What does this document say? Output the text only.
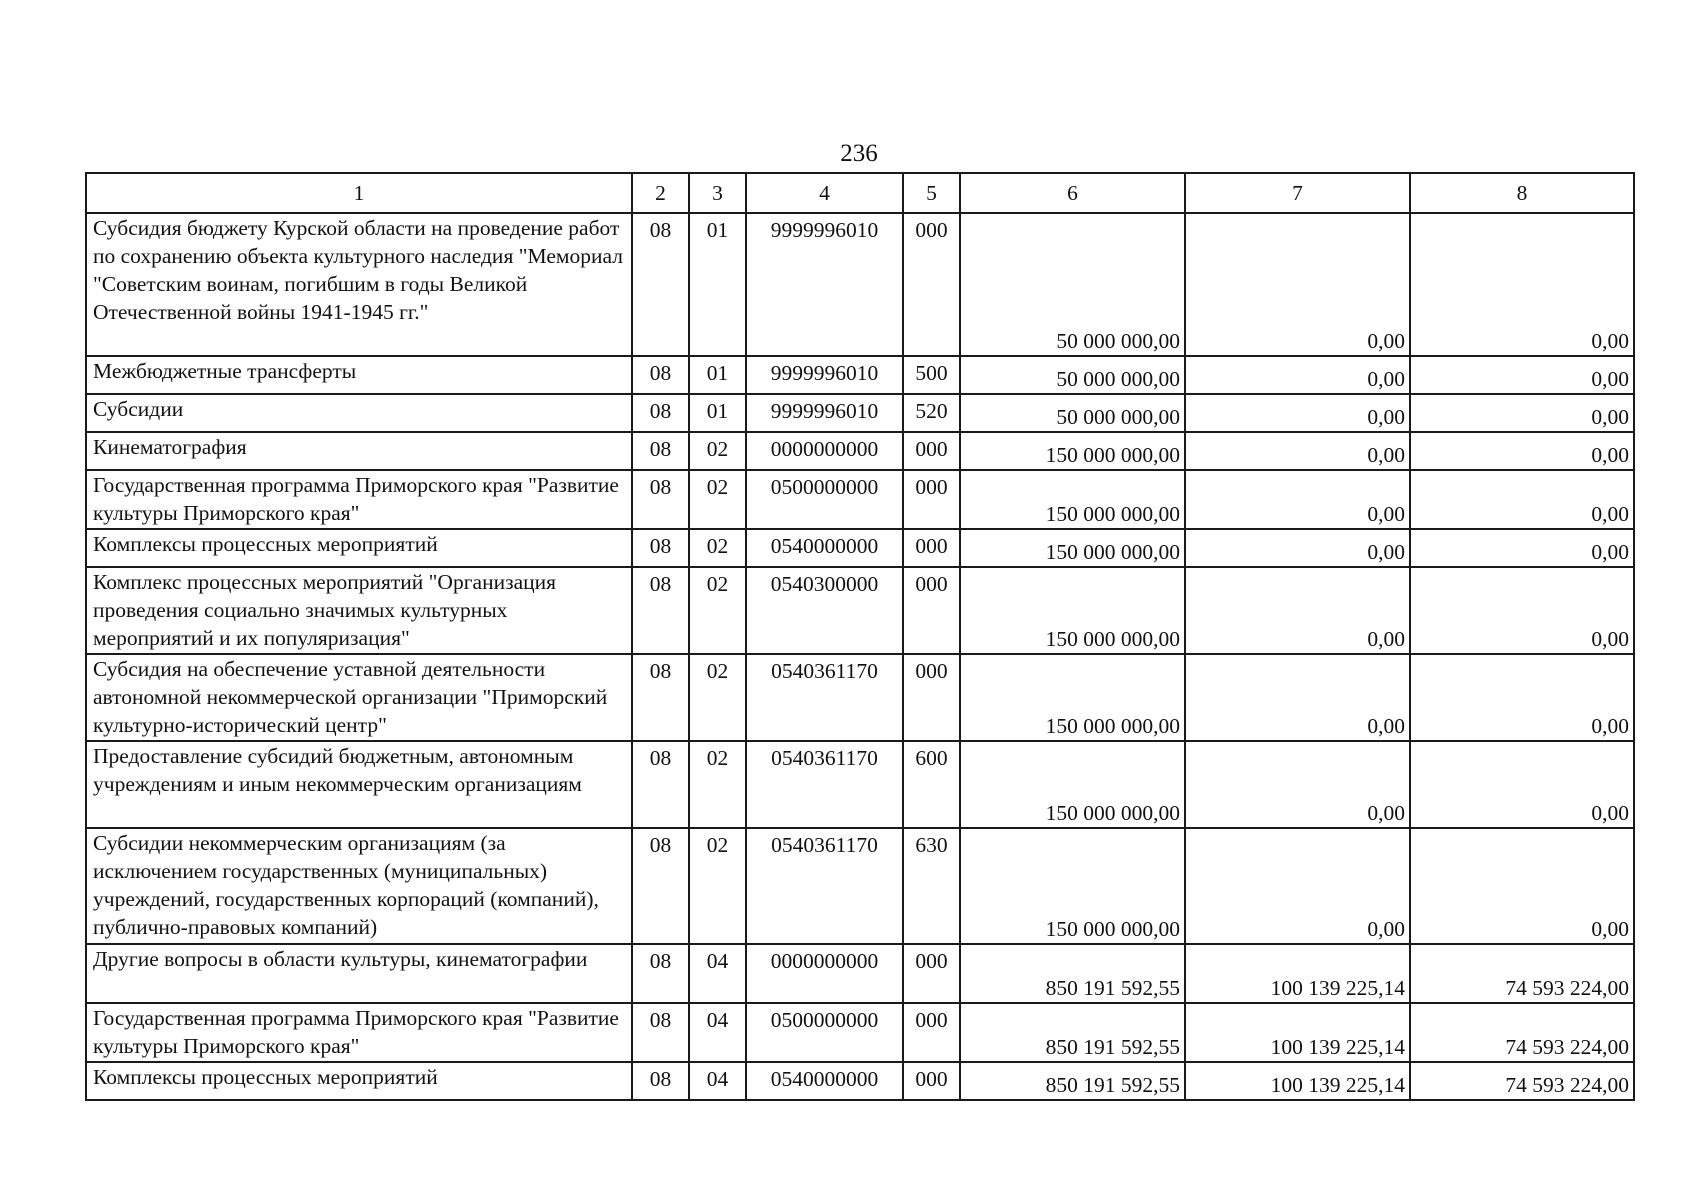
236
1	2	3	4	5	6	7	8
Субсидия бюджету Курской области на проведение работ по сохранению объекта культурного наследия "Мемориал "Советским воинам, погибшим в годы Великой Отечественной войны 1941-1945 гг."	08	01	9999996010	000	50 000 000,00	0,00	0,00
Межбюджетные трансферты	08	01	9999996010	500	50 000 000,00	0,00	0,00
Субсидии	08	01	9999996010	520	50 000 000,00	0,00	0,00
Кинематография	08	02	0000000000	000	150 000 000,00	0,00	0,00
Государственная программа Приморского края "Развитие культуры Приморского края"	08	02	0500000000	000	150 000 000,00	0,00	0,00
Комплексы процессных мероприятий	08	02	0540000000	000	150 000 000,00	0,00	0,00
Комплекс процессных мероприятий "Организация проведения социально значимых культурных мероприятий и их популяризация"	08	02	0540300000	000	150 000 000,00	0,00	0,00
Субсидия на обеспечение уставной деятельности автономной некоммерческой организации "Приморский культурно-исторический центр"	08	02	0540361170	000	150 000 000,00	0,00	0,00
Предоставление субсидий бюджетным, автономным учреждениям и иным некоммерческим организациям	08	02	0540361170	600	150 000 000,00	0,00	0,00
Субсидии некоммерческим организациям (за исключением государственных (муниципальных) учреждений, государственных корпораций (компаний), публично-правовых компаний)	08	02	0540361170	630	150 000 000,00	0,00	0,00
Другие вопросы в области культуры, кинематографии	08	04	0000000000	000	850 191 592,55	100 139 225,14	74 593 224,00
Государственная программа Приморского края "Развитие культуры Приморского края"	08	04	0500000000	000	850 191 592,55	100 139 225,14	74 593 224,00
Комплексы процессных мероприятий	08	04	0540000000	000	850 191 592,55	100 139 225,14	74 593 224,00
